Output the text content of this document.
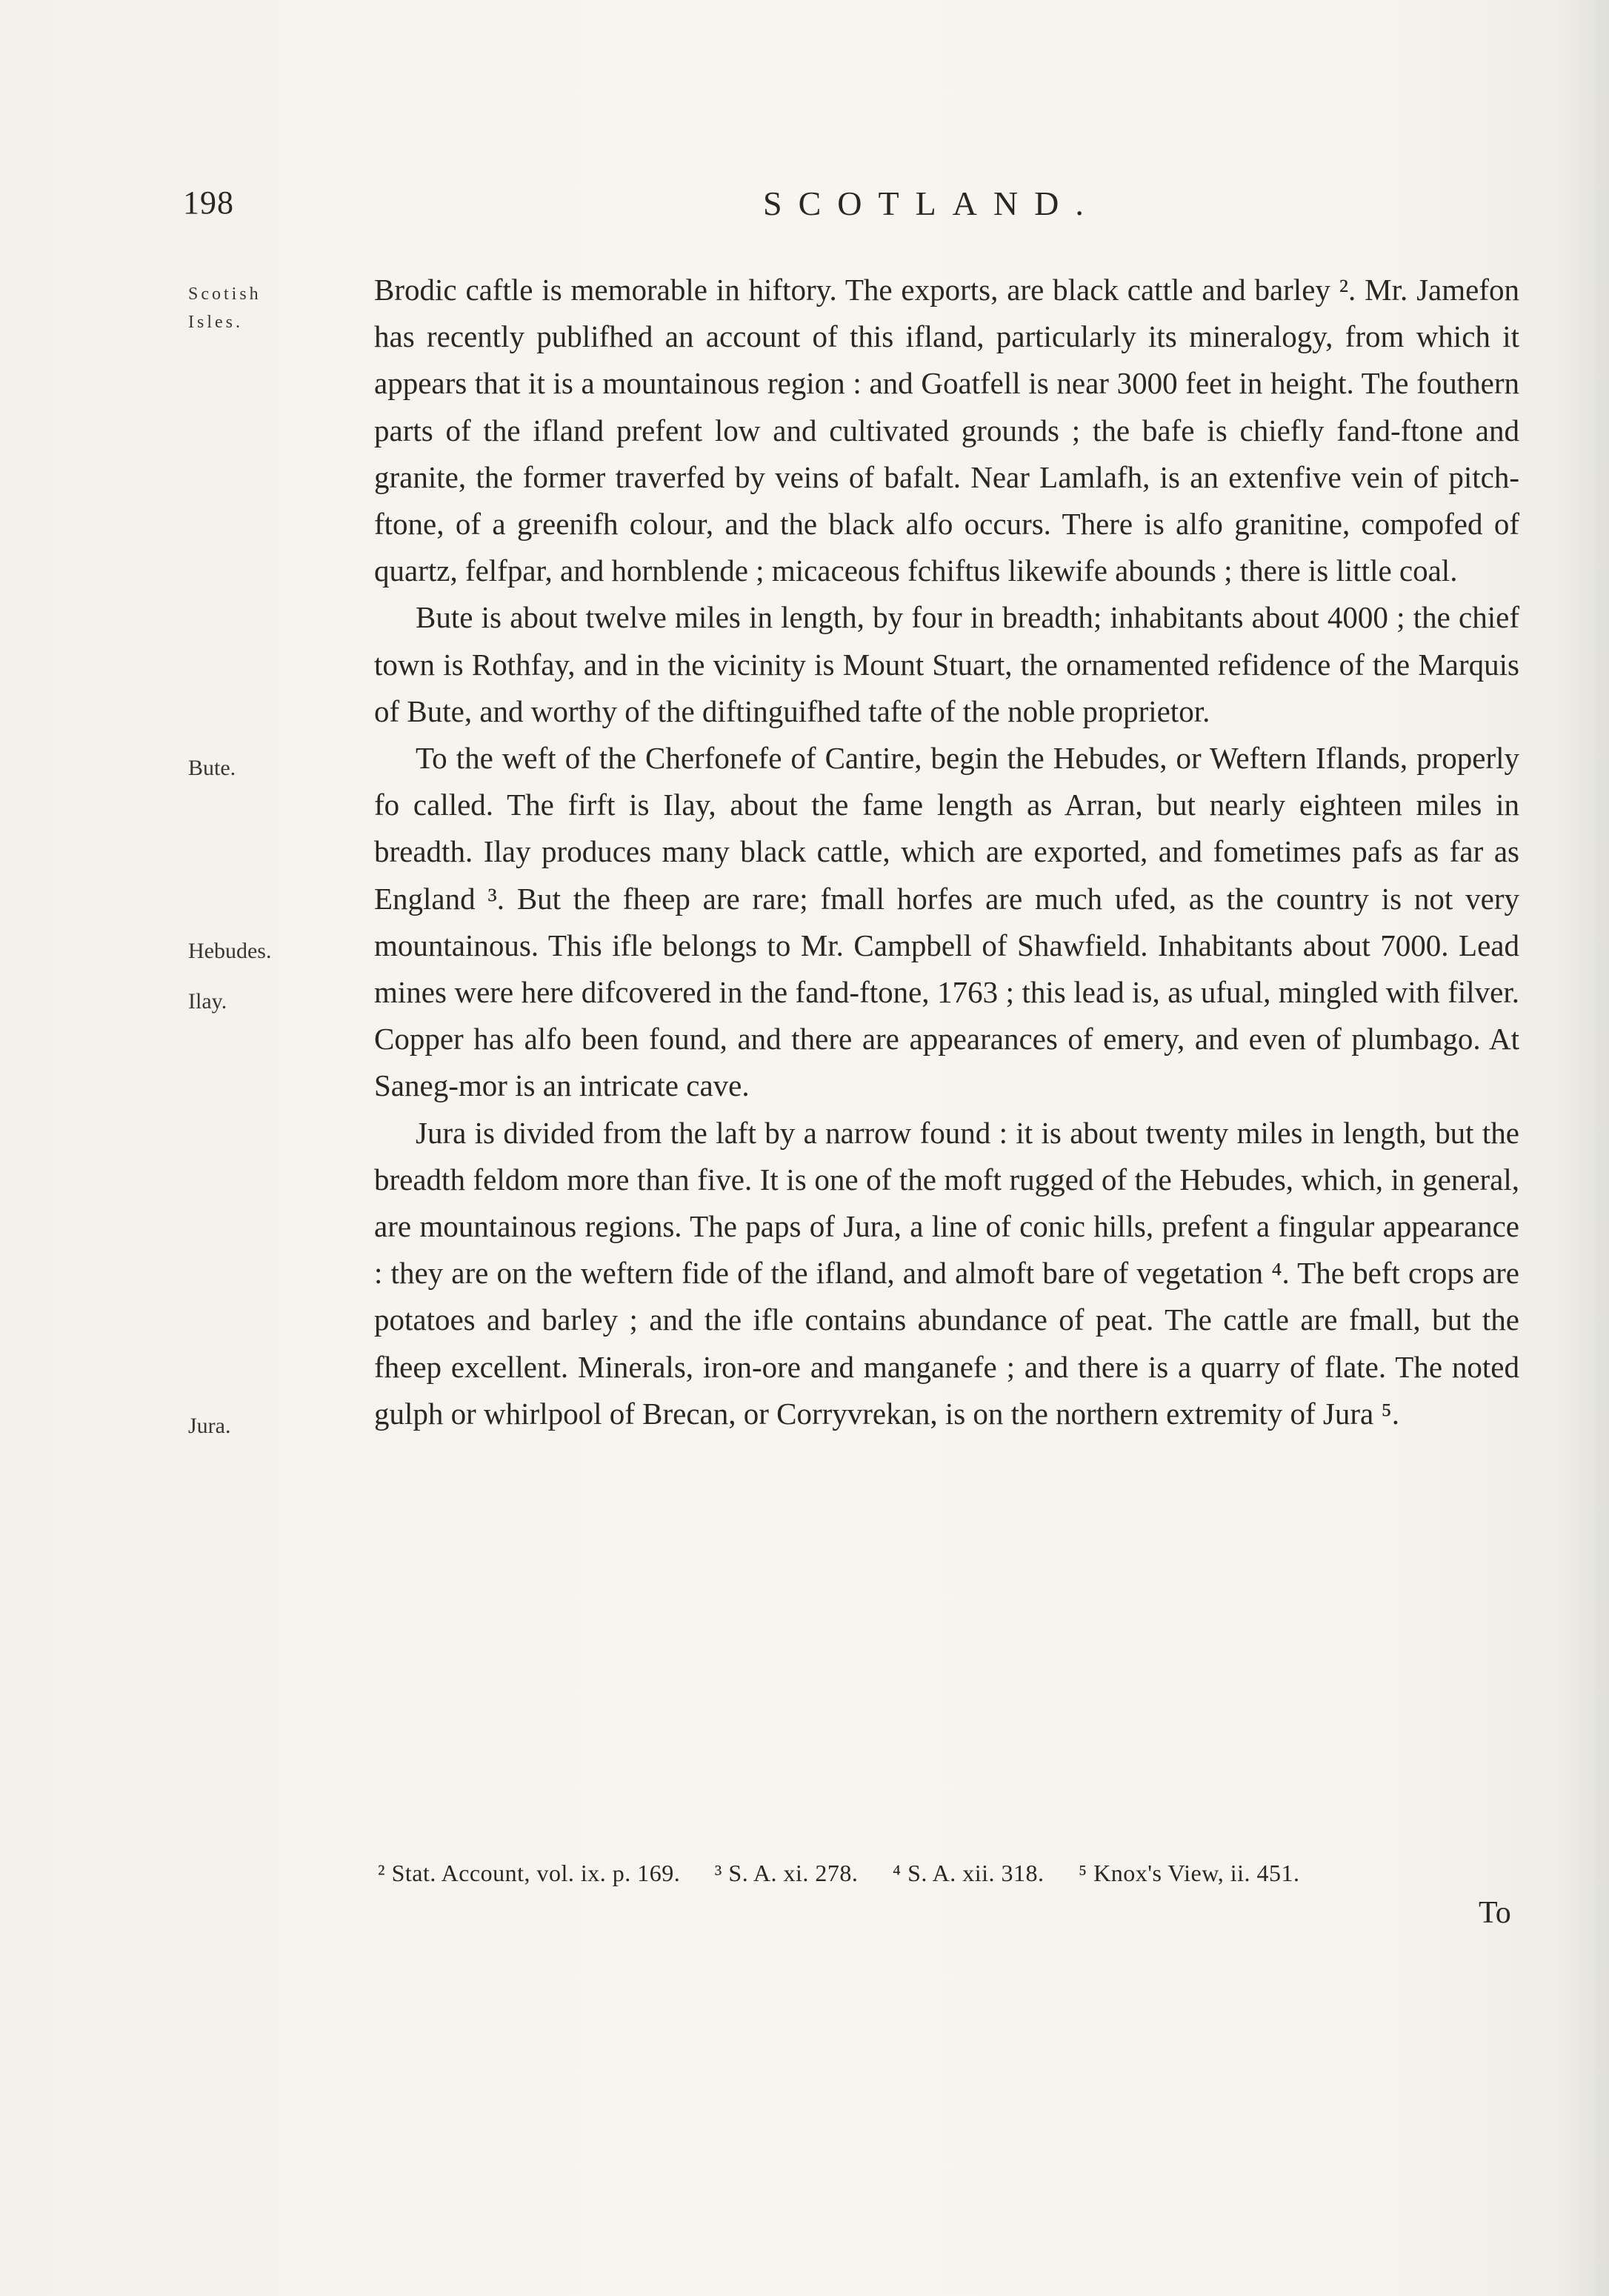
198	SCOTLAND.
Scotish
Isles.
Bute.
Hebudes.
Ilay.
Jura.

Brodic caftle is memorable in hiftory. The exports, are black cattle and barley ². Mr. Jamefon has recently publifhed an account of this ifland, particularly its mineralogy, from which it appears that it is a mountainous region : and Goatfell is near 3000 feet in height. The fouthern parts of the ifland prefent low and cultivated grounds ; the bafe is chiefly fand-ftone and granite, the former traverfed by veins of bafalt. Near Lamlafh, is an extenfive vein of pitch-ftone, of a greenifh colour, and the black alfo occurs. There is alfo granitine, compofed of quartz, felfpar, and hornblende ; micaceous fchiftus likewife abounds ; there is little coal.

Bute is about twelve miles in length, by four in breadth; inhabitants about 4000 ; the chief town is Rothfay, and in the vicinity is Mount Stuart, the ornamented refidence of the Marquis of Bute, and worthy of the diftinguifhed tafte of the noble proprietor.

To the weft of the Cherfonefe of Cantire, begin the Hebudes, or Weftern Iflands, properly fo called. The firft is Ilay, about the fame length as Arran, but nearly eighteen miles in breadth. Ilay produces many black cattle, which are exported, and fometimes pafs as far as England ³. But the fheep are rare; fmall horfes are much ufed, as the country is not very mountainous. This ifle belongs to Mr. Campbell of Shawfield. Inhabitants about 7000. Lead mines were here difcovered in the fand-ftone, 1763 ; this lead is, as ufual, mingled with filver. Copper has alfo been found, and there are appearances of emery, and even of plumbago. At Saneg-mor is an intricate cave.

Jura is divided from the laft by a narrow found : it is about twenty miles in length, but the breadth feldom more than five. It is one of the moft rugged of the Hebudes, which, in general, are mountainous regions. The paps of Jura, a line of conic hills, prefent a fingular appearance : they are on the weftern fide of the ifland, and almoft bare of vegetation ⁴. The beft crops are potatoes and barley ; and the ifle contains abundance of peat. The cattle are fmall, but the fheep excellent. Minerals, iron-ore and manganefe ; and there is a quarry of flate. The noted gulph or whirlpool of Brecan, or Corryvrekan, is on the northern extremity of Jura ⁵.

² Stat. Account, vol. ix. p. 169. ³ S. A. xi. 278. ⁴ S. A. xii. 318. ⁵ Knox's View, ii. 451.
To
